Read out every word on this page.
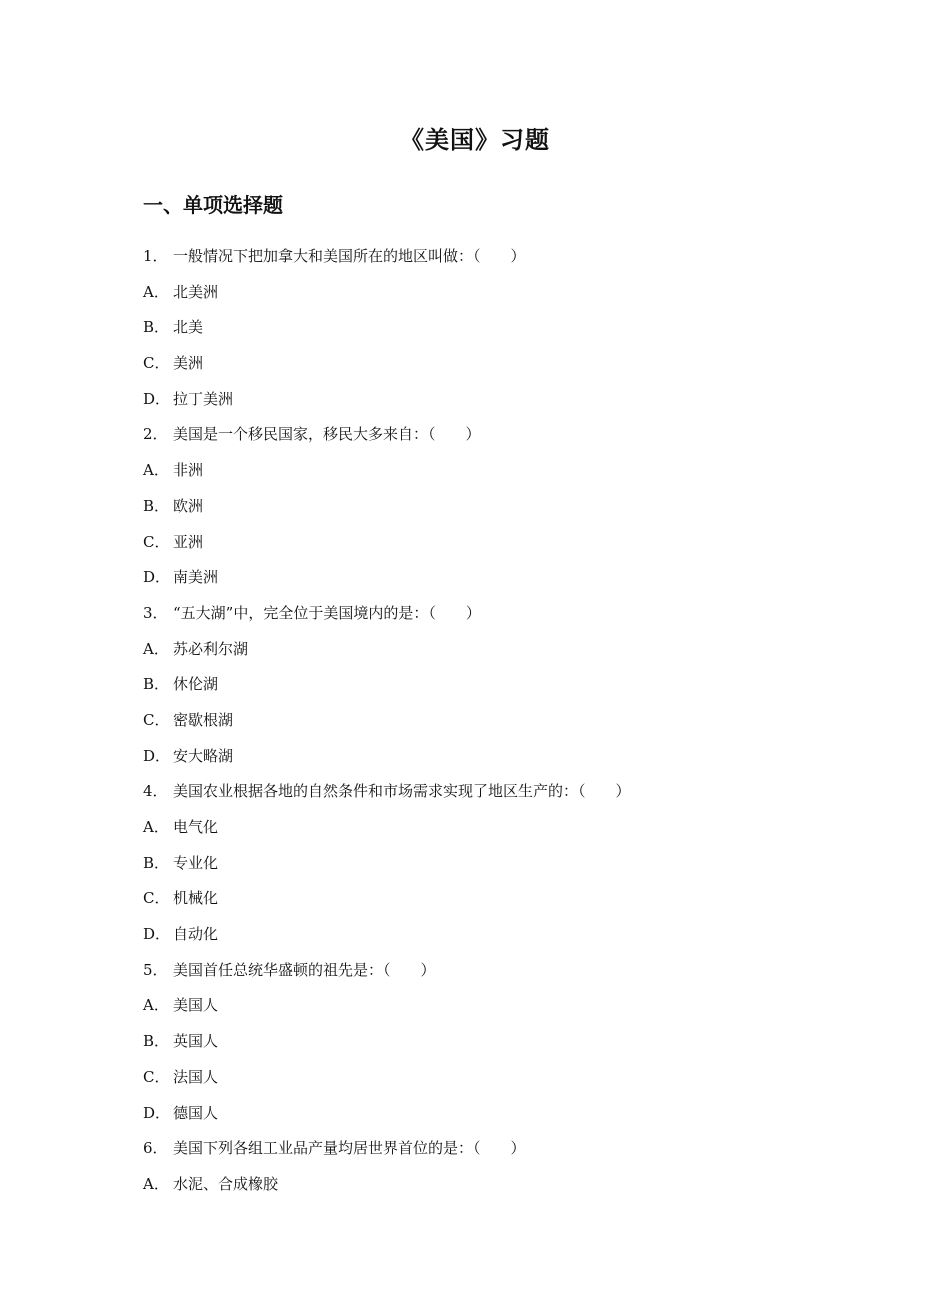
《美国》习题
一、单项选择题
1． 一般情况下把加拿大和美国所在的地区叫做：（　　）
A． 北美洲
B． 北美
C． 美洲
D． 拉丁美洲
2． 美国是一个移民国家，移民大多来自：（　　）
A． 非洲
B． 欧洲
C． 亚洲
D． 南美洲
3． “五大湖”中，完全位于美国境内的是：（　　）
A． 苏必利尔湖
B． 休伦湖
C． 密歇根湖
D． 安大略湖
4． 美国农业根据各地的自然条件和市场需求实现了地区生产的：（　　）
A． 电气化
B． 专业化
C． 机械化
D． 自动化
5． 美国首任总统华盛顿的祖先是：（　　）
A． 美国人
B． 英国人
C． 法国人
D． 德国人
6． 美国下列各组工业品产量均居世界首位的是：（　　）
A． 水泥、合成橡胶
